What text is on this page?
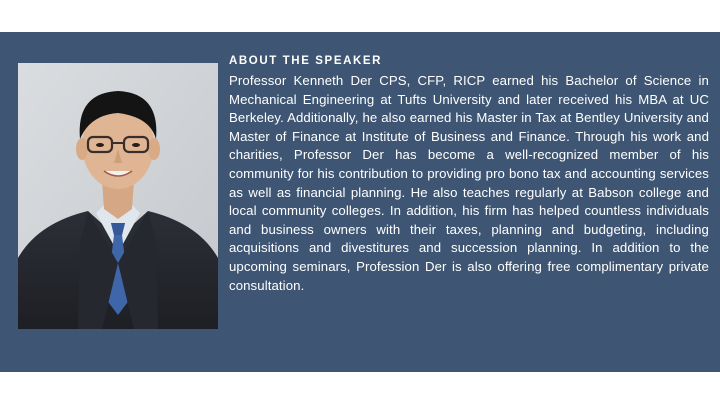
ABOUT THE SPEAKER

Professor Kenneth Der CPS, CFP, RICP earned his Bachelor of Science in Mechanical Engineering at Tufts University and later received his MBA at UC Berkeley. Additionally, he also earned his Master in Tax at Bentley University and Master of Finance at Institute of Business and Finance. Through his work and charities, Professor Der has become a well-recognized member of his community for his contribution to providing pro bono tax and accounting services as well as financial planning. He also teaches regularly at Babson college and local community colleges. In addition, his firm has helped countless individuals and business owners with their taxes, planning and budgeting, including acquisitions and divestitures and succession planning. In addition to the upcoming seminars, Profession Der is also offering free complimentary private consultation.
